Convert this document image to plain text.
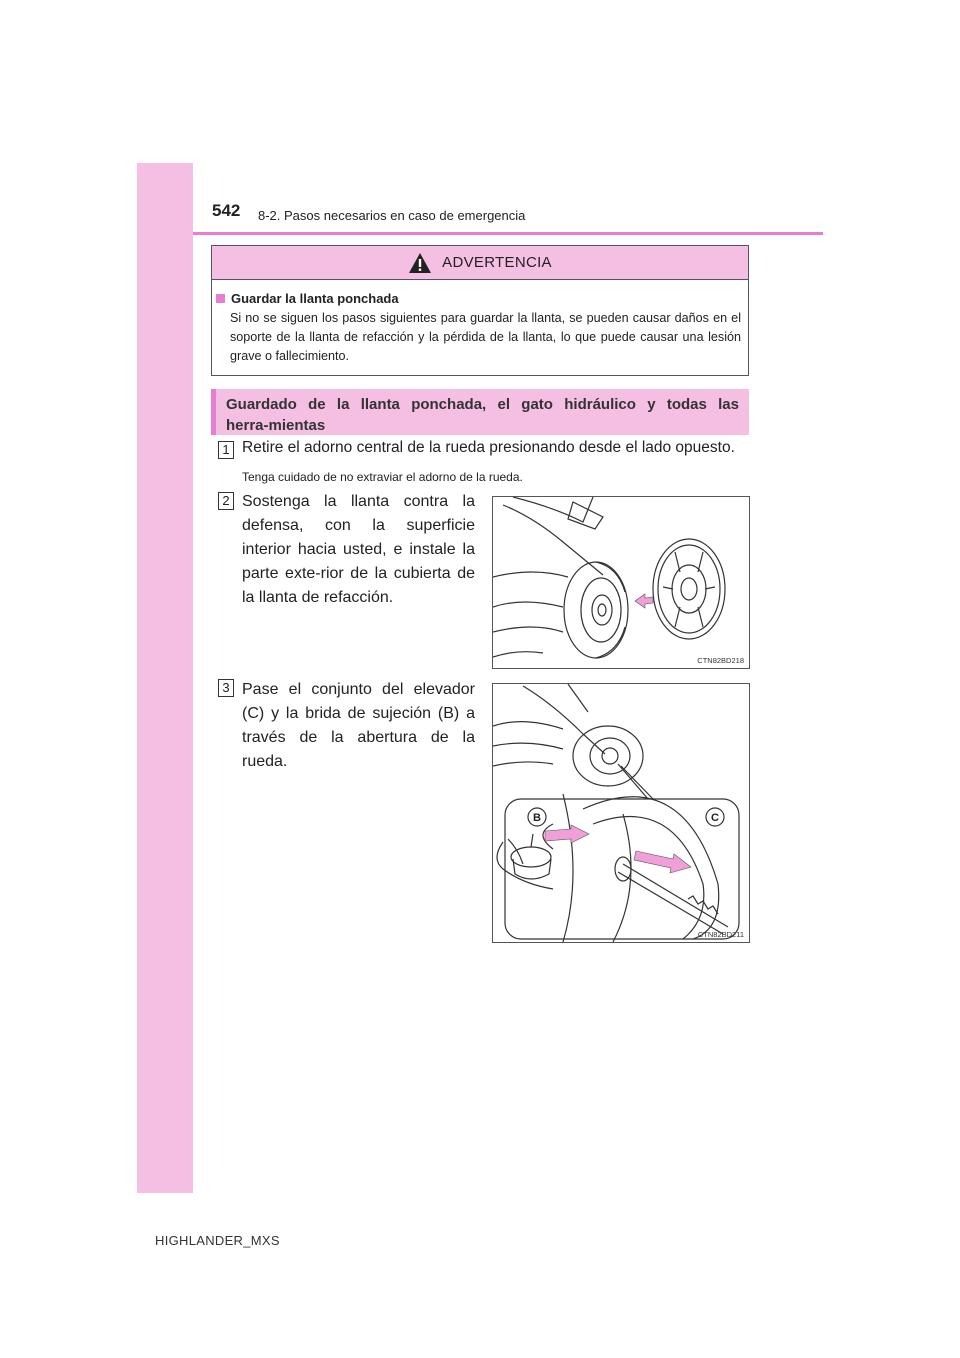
542 8-2. Pasos necesarios en caso de emergencia
ADVERTENCIA
Guardar la llanta ponchada
Si no se siguen los pasos siguientes para guardar la llanta, se pueden causar daños en el soporte de la llanta de refacción y la pérdida de la llanta, lo que puede causar una lesión grave o fallecimiento.
Guardado de la llanta ponchada, el gato hidráulico y todas las herra-mientas
1 Retire el adorno central de la rueda presionando desde el lado opuesto.
Tenga cuidado de no extraviar el adorno de la rueda.
2 Sostenga la llanta contra la defensa, con la superficie interior hacia usted, e instale la parte exte-rior de la cubierta de la llanta de refacción.
CTN82BD218
3 Pase el conjunto del elevador (C) y la brida de sujeción (B) a través de la abertura de la rueda.
B	C
CTN82BD211
HIGHLANDER_MXS
